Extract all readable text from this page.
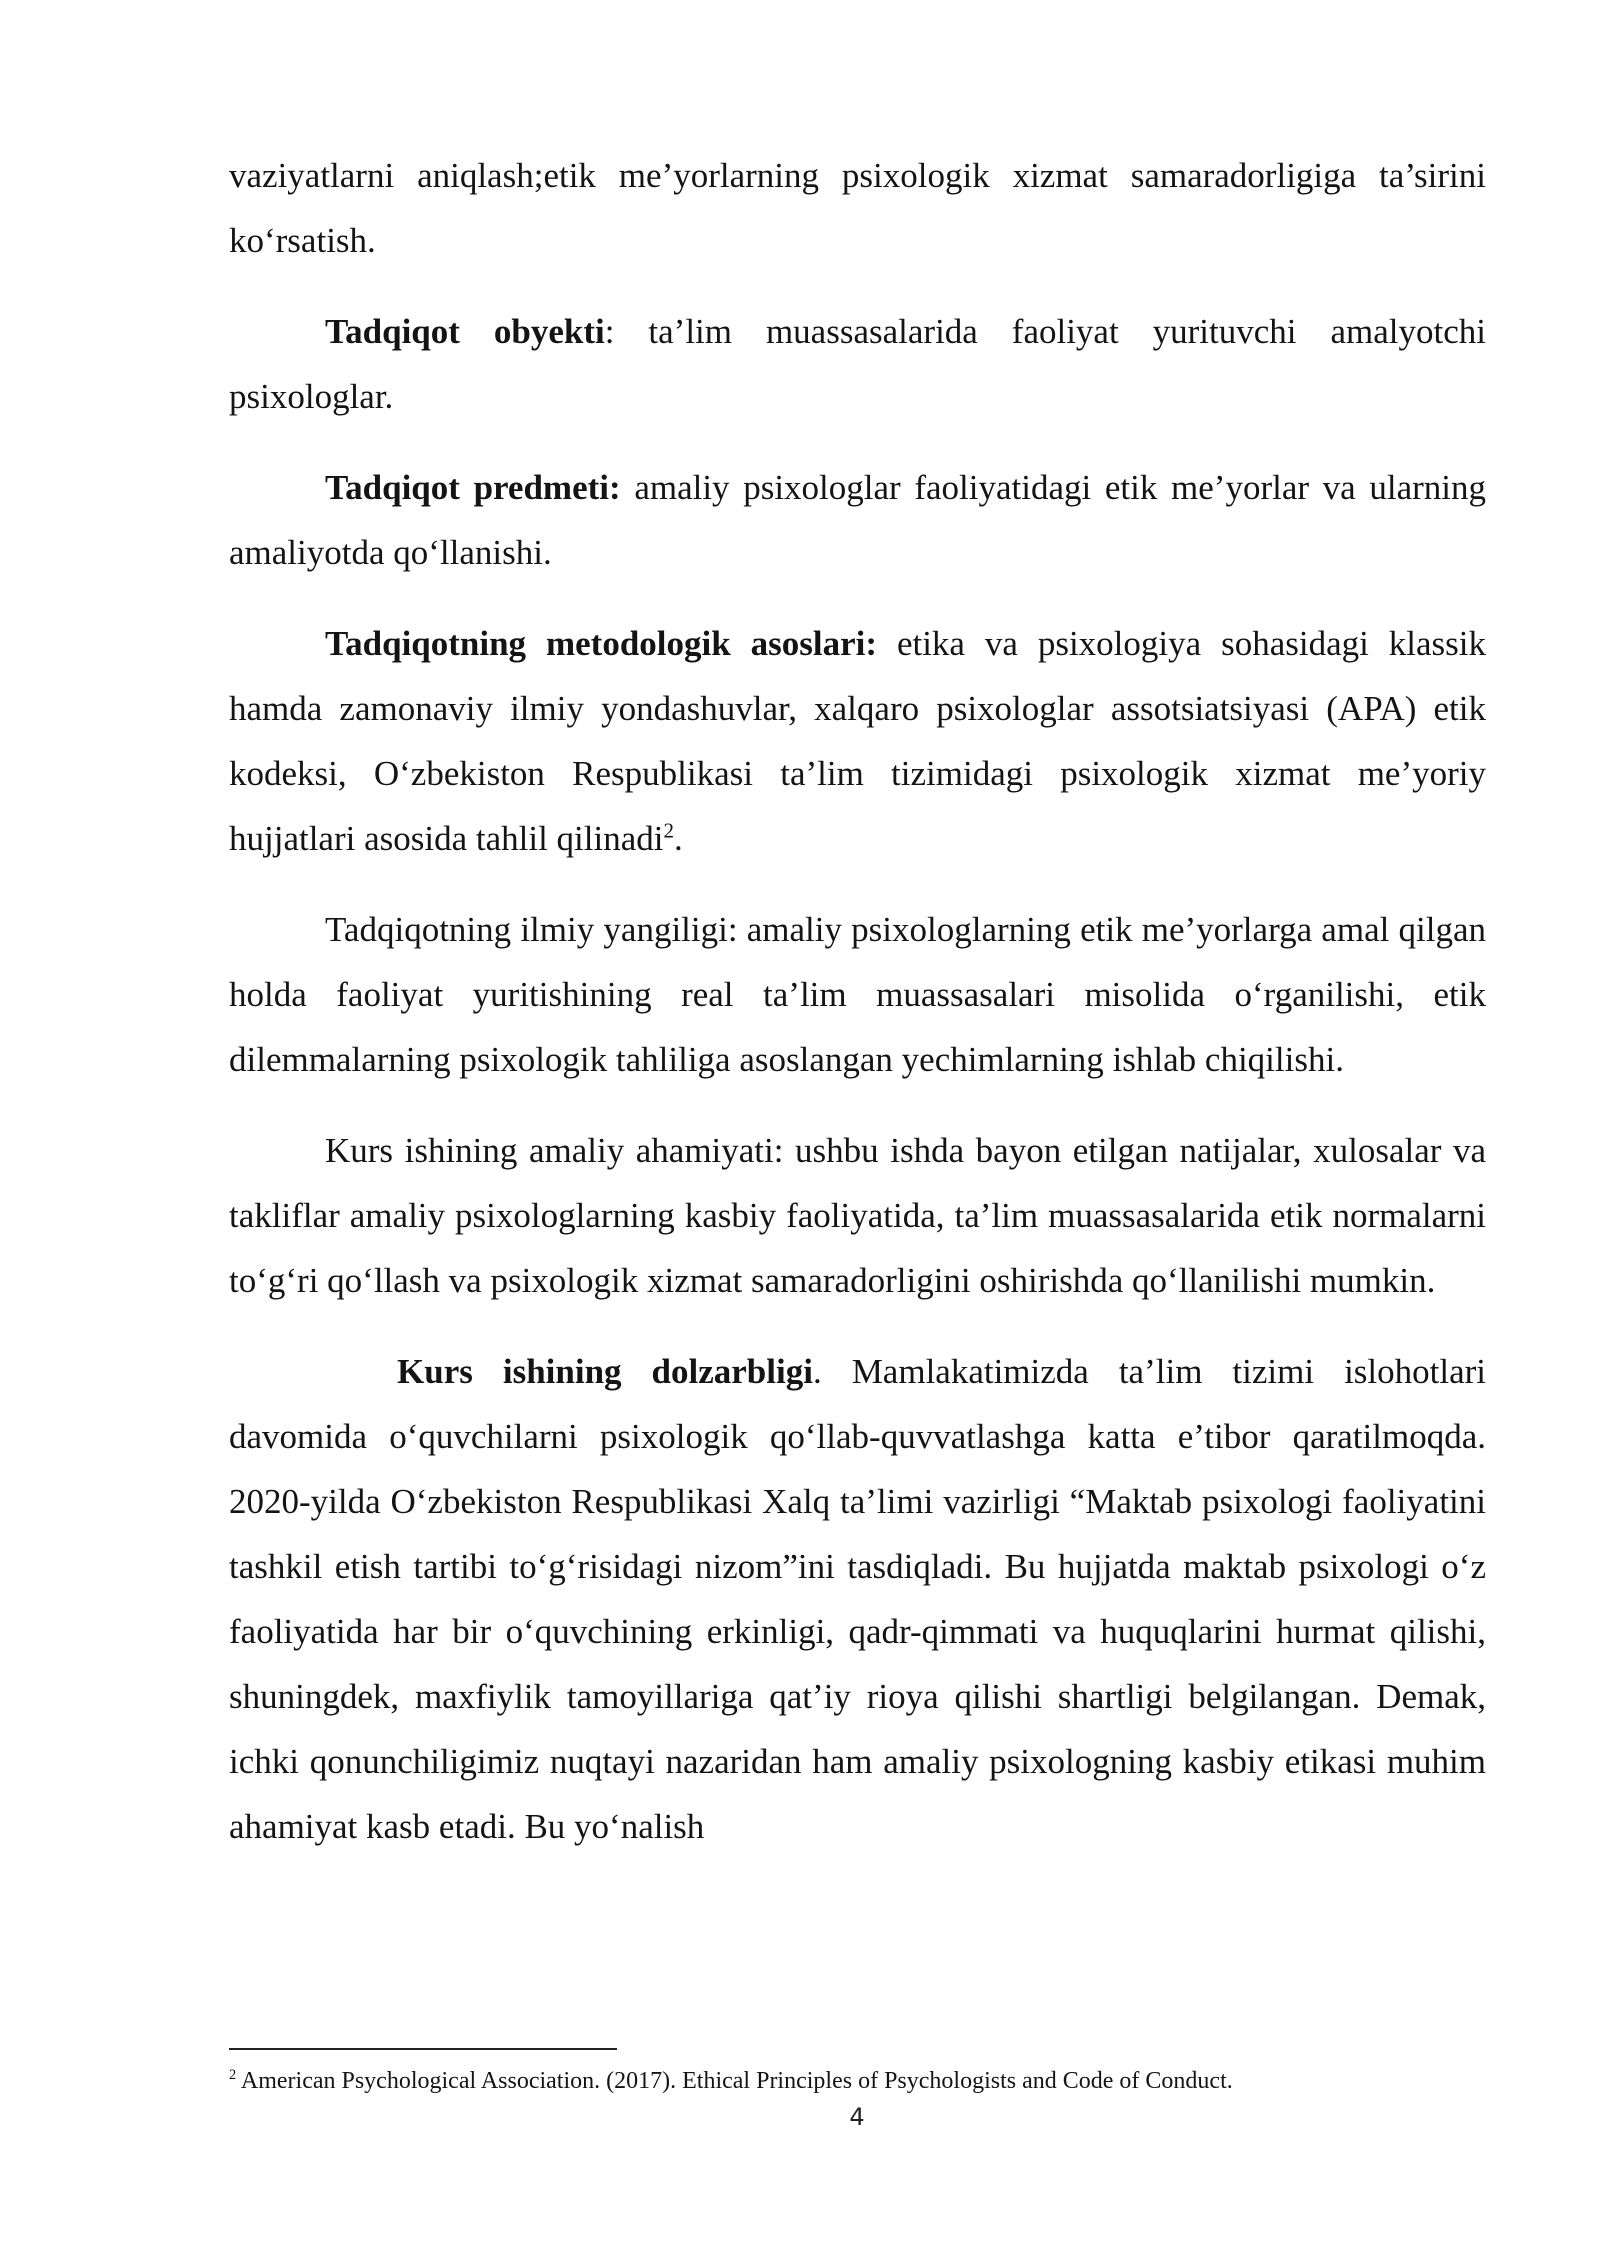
vaziyatlarni aniqlash;etik me’yorlarning psixologik xizmat samaradorligiga ta’sirini ko‘rsatish.

Tadqiqot obyekti: ta’lim muassasalarida faoliyat yurituvchi amalyotchi psixologlar.

Tadqiqot predmeti: amaliy psixologlar faoliyatidagi etik me’yorlar va ularning amaliyotda qo‘llanishi.

Tadqiqotning metodologik asoslari: etika va psixologiya sohasidagi klassik hamda zamonaviy ilmiy yondashuvlar, xalqaro psixologlar assotsiatsiyasi (APA) etik kodeksi, O‘zbekiston Respublikasi ta’lim tizimidagi psixologik xizmat me’yoriy hujjatlari asosida tahlil qilinadi$^2$.

Tadqiqotning ilmiy yangiligi: amaliy psixologlarning etik me’yorlarga amal qilgan holda faoliyat yuritishining real ta’lim muassasalari misolida o‘rganilishi, etik dilemmalarning psixologik tahliliga asoslangan yechimlarning ishlab chiqilishi.

Kurs ishining amaliy ahamiyati: ushbu ishda bayon etilgan natijalar, xulosalar va takliflar amaliy psixologlarning kasbiy faoliyatida, ta’lim muassasalarida etik normalarni to‘g‘ri qo‘llash va psixologik xizmat samaradorligini oshirishda qo‘llanilishi mumkin.

Kurs ishining dolzarbligi. Mamlakatimizda ta’lim tizimi islohotlari davomida o‘quvchilarni psixologik qo‘llab-quvvatlashga katta e’tibor qaratilmoqda. 2020-yilda O‘zbekiston Respublikasi Xalq ta’limi vazirligi “Maktab psixologi faoliyatini tashkil etish tartibi to‘g‘risidagi nizom”ini tasdiqladi. Bu hujjatda maktab psixologi o‘z faoliyatida har bir o‘quvchining erkinligi, qadr-qimmati va huquqlarini hurmat qilishi, shuningdek, maxfiylik tamoyillariga qat’iy rioya qilishi shartligi belgilangan. Demak, ichki qonunchiligimiz nuqtayi nazaridan ham amaliy psixologning kasbiy etikasi muhim ahamiyat kasb etadi. Bu yo‘nalish

$^2$ American Psychological Association. (2017). Ethical Principles of Psychologists and Code of Conduct.
4
